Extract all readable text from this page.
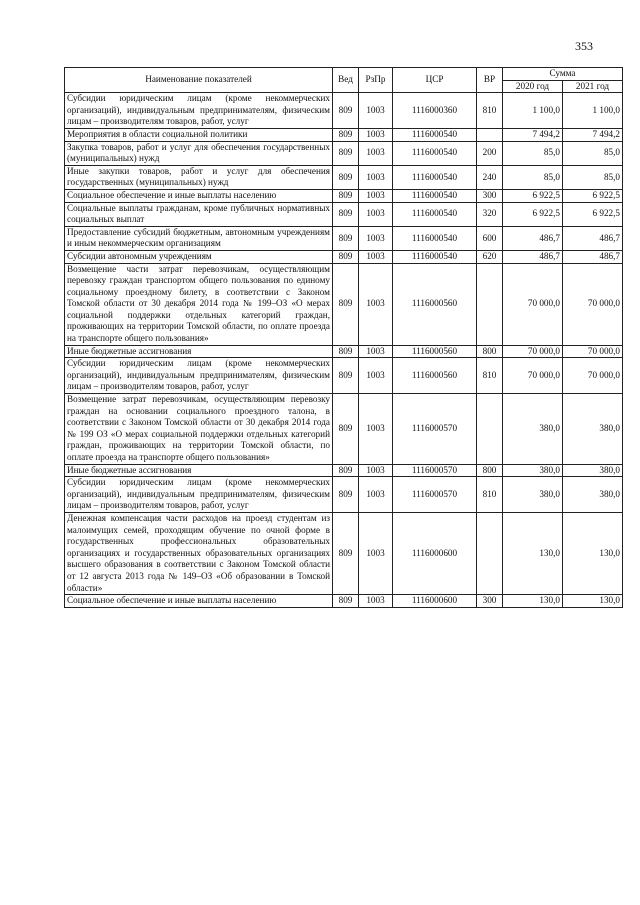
353
Наименование показателей	Вед	РзПр	ЦСР	ВР	Сумма	
					2020 год	2021 год
Субсидии юридическим лицам (кроме некоммерческих организаций), индивидуальным предпринимателям, физическим лицам – производителям товаров, работ, услуг	809	1003	1116000360	810	1 100,0	1 100,0
Мероприятия в области социальной политики	809	1003	1116000540		7 494,2	7 494,2
Закупка товаров, работ и услуг для обеспечения государственных (муниципальных) нужд	809	1003	1116000540	200	85,0	85,0
Иные закупки товаров, работ и услуг для обеспечения государственных (муниципальных) нужд	809	1003	1116000540	240	85,0	85,0
Социальное обеспечение и иные выплаты населению	809	1003	1116000540	300	6 922,5	6 922,5
Социальные выплаты гражданам, кроме публичных нормативных социальных выплат	809	1003	1116000540	320	6 922,5	6 922,5
Предоставление субсидий бюджетным, автономным учреждениям и иным некоммерческим организациям	809	1003	1116000540	600	486,7	486,7
Субсидии автономным учреждениям	809	1003	1116000540	620	486,7	486,7
Возмещение части затрат перевозчикам, осуществляющим перевозку граждан транспортом общего пользования по единому социальному проездному билету, в соответствии с Законом Томской области от 30 декабря 2014 года № 199–ОЗ «О мерах социальной поддержки отдельных категорий граждан, проживающих на территории Томской области, по оплате проезда на транспорте общего пользования»	809	1003	1116000560		70 000,0	70 000,0
Иные бюджетные ассигнования	809	1003	1116000560	800	70 000,0	70 000,0
Субсидии юридическим лицам (кроме некоммерческих организаций), индивидуальным предпринимателям, физическим лицам – производителям товаров, работ, услуг	809	1003	1116000560	810	70 000,0	70 000,0
Возмещение затрат перевозчикам, осуществляющим перевозку граждан на основании социального проездного талона, в соответствии с Законом Томской области от 30 декабря 2014 года № 199 ОЗ «О мерах социальной поддержки отдельных категорий граждан, проживающих на территории Томской области, по оплате проезда на транспорте общего пользования»	809	1003	1116000570		380,0	380,0
Иные бюджетные ассигнования	809	1003	1116000570	800	380,0	380,0
Субсидии юридическим лицам (кроме некоммерческих организаций), индивидуальным предпринимателям, физическим лицам – производителям товаров, работ, услуг	809	1003	1116000570	810	380,0	380,0
Денежная компенсация части расходов на проезд студентам из малоимущих семей, проходящим обучение по очной форме в государственных профессиональных образовательных организациях и государственных образовательных организациях высшего образования в соответствии с Законом Томской области от 12 августа 2013 года № 149–ОЗ «Об образовании в Томской области»	809	1003	1116000600		130,0	130,0
Социальное обеспечение и иные выплаты населению	809	1003	1116000600	300	130,0	130,0
